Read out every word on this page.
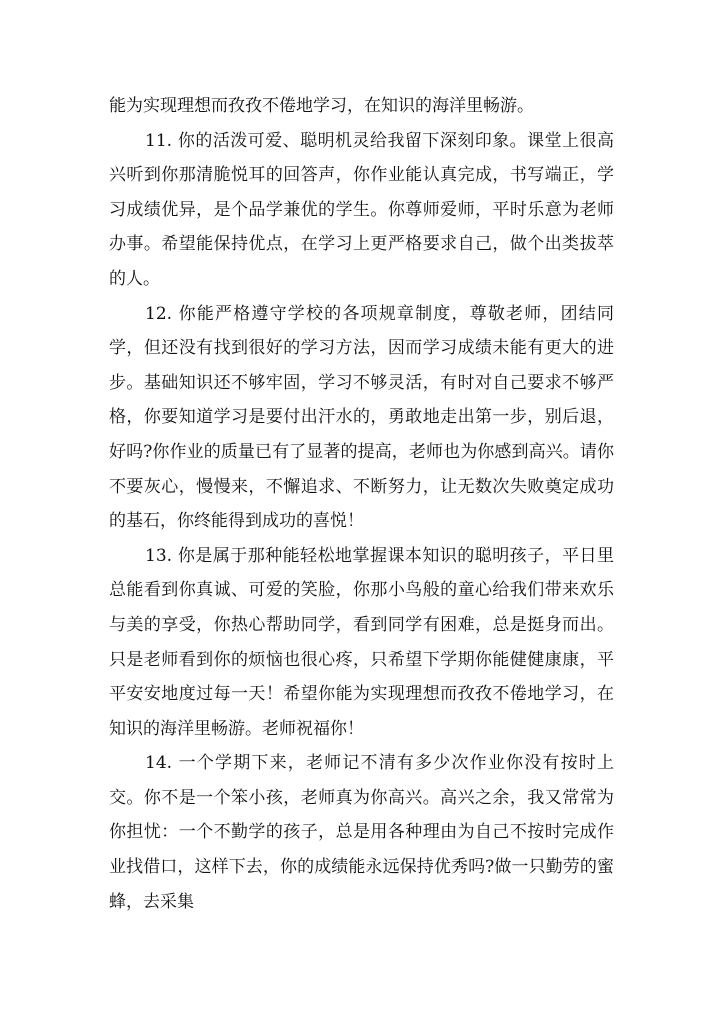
能为实现理想而孜孜不倦地学习，在知识的海洋里畅游。

11. 你的活泼可爱、聪明机灵给我留下深刻印象。课堂上很高兴听到你那清脆悦耳的回答声，你作业能认真完成，书写端正，学习成绩优异，是个品学兼优的学生。你尊师爱师，平时乐意为老师办事。希望能保持优点，在学习上更严格要求自己，做个出类拔萃的人。

12. 你能严格遵守学校的各项规章制度，尊敬老师，团结同学，但还没有找到很好的学习方法，因而学习成绩未能有更大的进步。基础知识还不够牢固，学习不够灵活，有时对自己要求不够严格，你要知道学习是要付出汗水的，勇敢地走出第一步，别后退，好吗?你作业的质量已有了显著的提高，老师也为你感到高兴。请你不要灰心，慢慢来，不懈追求、不断努力，让无数次失败奠定成功的基石，你终能得到成功的喜悦！

13. 你是属于那种能轻松地掌握课本知识的聪明孩子，平日里总能看到你真诚、可爱的笑脸，你那小鸟般的童心给我们带来欢乐与美的享受，你热心帮助同学，看到同学有困难，总是挺身而出。只是老师看到你的烦恼也很心疼，只希望下学期你能健健康康，平平安安地度过每一天！希望你能为实现理想而孜孜不倦地学习，在知识的海洋里畅游。老师祝福你！

14. 一个学期下来，老师记不清有多少次作业你没有按时上交。你不是一个笨小孩，老师真为你高兴。高兴之余，我又常常为你担忧：一个不勤学的孩子，总是用各种理由为自己不按时完成作业找借口，这样下去，你的成绩能永远保持优秀吗?做一只勤劳的蜜蜂，去采集
